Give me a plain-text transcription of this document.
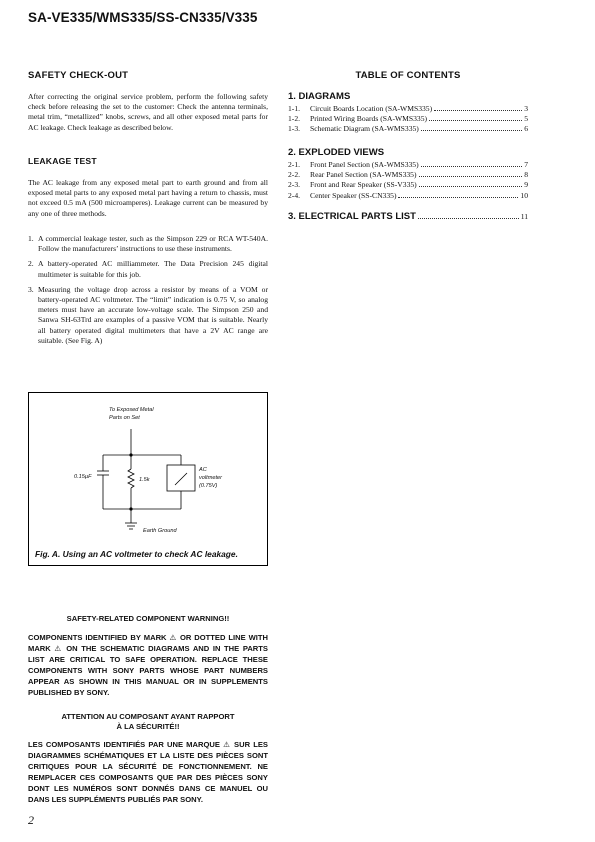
SA-VE335/WMS335/SS-CN335/V335
SAFETY CHECK-OUT

After correcting the original service problem, perform the following safety check before releasing the set to the customer: Check the antenna terminals, metal trim, “metallized” knobs, screws, and all other exposed metal parts for AC leakage. Check leakage as described below.

LEAKAGE TEST

The AC leakage from any exposed metal part to earth ground and from all exposed metal parts to any exposed metal part having a return to chassis, must not exceed 0.5 mA (500 microamperes). Leakage current can be measured by any one of three methods.

1. A commercial leakage tester, such as the Simpson 229 or RCA WT-540A. Follow the manufacturers’ instructions to use these instruments.
2. A battery-operated AC milliammeter. The Data Precision 245 digital multimeter is suitable for this job.
3. Measuring the voltage drop across a resistor by means of a VOM or battery-operated AC voltmeter. The “limit” indication is 0.75 V, so analog meters must have an accurate low-voltage scale. The Simpson 250 and Sanwa SH-63Trd are examples of a passive VOM that is suitable. Nearly all battery operated digital multimeters that have a 2V AC range are suitable. (See Fig. A)
To Exposed Metal
Parts on Set
0.15µF	1.5k
AC
voltmeter
(0.75V)
Earth Ground
Fig. A. Using an AC voltmeter to check AC leakage.
SAFETY-RELATED COMPONENT WARNING!!
COMPONENTS IDENTIFIED BY MARK ⚠ OR DOTTED LINE WITH MARK ⚠ ON THE SCHEMATIC DIAGRAMS AND IN THE PARTS LIST ARE CRITICAL TO SAFE OPERATION. REPLACE THESE COMPONENTS WITH SONY PARTS WHOSE PART NUMBERS APPEAR AS SHOWN IN THIS MANUAL OR IN SUPPLEMENTS PUBLISHED BY SONY.
ATTENTION AU COMPOSANT AYANT RAPPORT
À LA SÉCURITÉ!!
LES COMPOSANTS IDENTIFIÉS PAR UNE MARQUE ⚠ SUR LES DIAGRAMMES SCHÉMATIQUES ET LA LISTE DES PIÈCES SONT CRITIQUES POUR LA SÉCURITÉ DE FONCTIONNEMENT. NE REMPLACER CES COMPOSANTS QUE PAR DES PIÈCES SONY DONT LES NUMÉROS SONT DONNÉS DANS CE MANUEL OU DANS LES SUPPLÉMENTS PUBLIÉS PAR SONY.
TABLE OF CONTENTS
1. DIAGRAMS
1-1.	Circuit Boards Location (SA-WMS335)	3
1-2.	Printed Wiring Boards (SA-WMS335)	5
1-3.	Schematic Diagram (SA-WMS335)	6
2. EXPLODED VIEWS
2-1.	Front Panel Section (SA-WMS335)	7
2-2.	Rear Panel Section (SA-WMS335)	8
2-3.	Front and Rear Speaker (SS-V335)	9
2-4.	Center Speaker (SS-CN335)	10
3. ELECTRICAL PARTS LIST	11
2
